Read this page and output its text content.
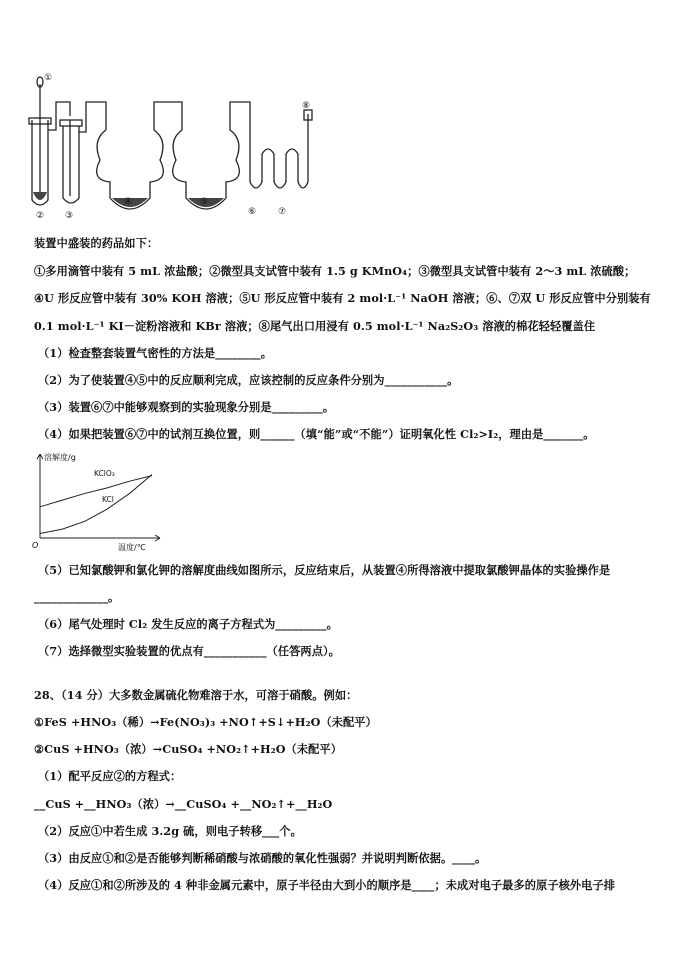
①
② ③
④	⑤
⑥ ⑦
⑧
装置中盛装的药品如下：
①多用滴管中装有 5 mL 浓盐酸；②微型具支试管中装有 1.5 g KMnO₄；③微型具支试管中装有 2～3 mL 浓硫酸；
④U 形反应管中装有 30% KOH 溶液；⑤U 形反应管中装有 2 mol·L⁻¹ NaOH 溶液；⑥、⑦双 U 形反应管中分别装有
0.1 mol·L⁻¹ KI－淀粉溶液和 KBr 溶液；⑧尾气出口用浸有 0.5 mol·L⁻¹ Na₂S₂O₃ 溶液的棉花轻轻覆盖住
（1）检查整套装置气密性的方法是________。
（2）为了使装置④⑤中的反应顺利完成，应该控制的反应条件分别为___________。
（3）装置⑥⑦中能够观察到的实验现象分别是_________。
（4）如果把装置⑥⑦中的试剂互换位置，则______（填“能”或“不能”）证明氧化性 Cl₂>I₂，理由是_______。
溶解度/g
温度/℃
O
KClO₃
KCl
（5）已知氯酸钾和氯化钾的溶解度曲线如图所示，反应结束后，从装置④所得溶液中提取氯酸钾晶体的实验操作是
_____________。
（6）尾气处理时 Cl₂ 发生反应的离子方程式为_________。
（7）选择微型实验装置的优点有___________（任答两点）。
28、（14 分）大多数金属硫化物难溶于水，可溶于硝酸。例如：
①FeS +HNO₃（稀）→Fe(NO₃)₃ +NO↑+S↓+H₂O（未配平）
②CuS +HNO₃（浓）→CuSO₄ +NO₂↑+H₂O（未配平）
（1）配平反应②的方程式：
__CuS +__HNO₃（浓）→__CuSO₄ +__NO₂↑+__H₂O
（2）反应①中若生成 3.2g 硫，则电子转移___个。
（3）由反应①和②是否能够判断稀硝酸与浓硝酸的氧化性强弱？并说明判断依据。____。
（4）反应①和②所涉及的 4 种非金属元素中，原子半径由大到小的顺序是____；未成对电子最多的原子核外电子排
